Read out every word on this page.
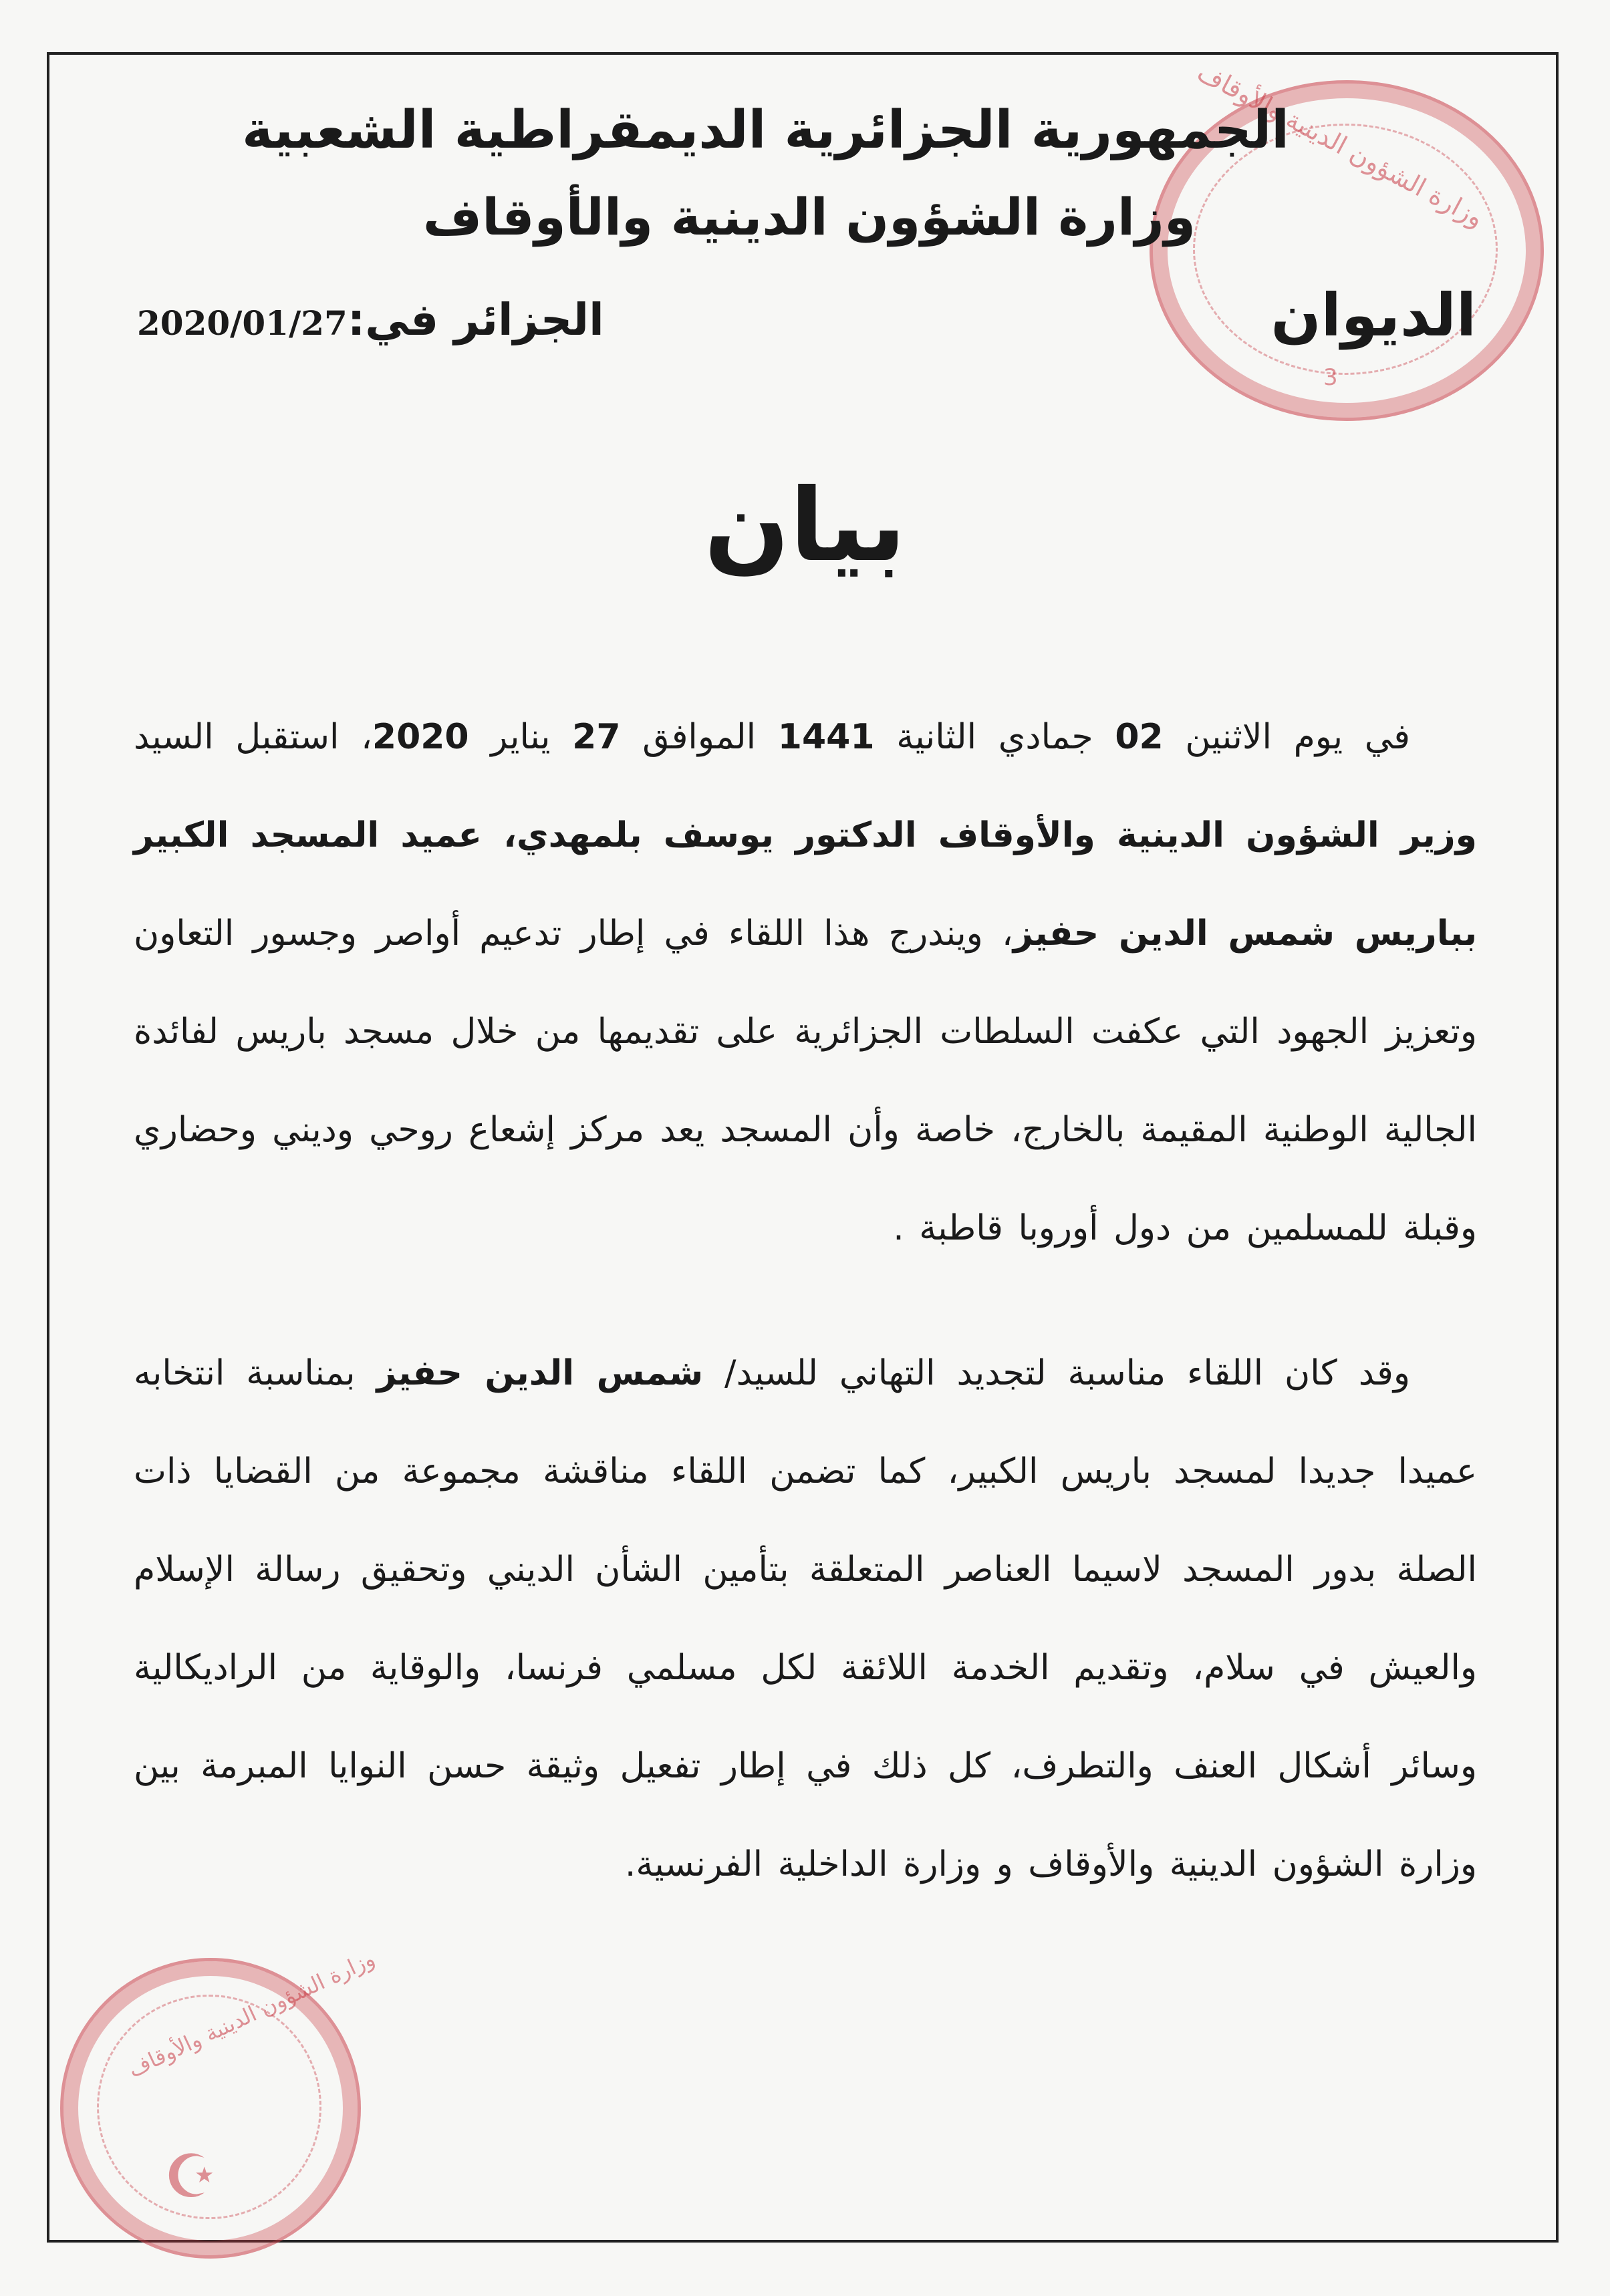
وزارة الشؤون الدينية والأوقاف
3
وزارة الشؤون الدينية والأوقاف
☪
الجمهورية الجزائرية الديمقراطية الشعبية
وزارة الشؤون الدينية والأوقاف
الديوان
الجزائر في:2020/01/27
بيان

في يوم الاثنين 02 جمادي الثانية 1441 الموافق 27 يناير 2020، استقبل السيد وزير الشؤون الدينية والأوقاف الدكتور يوسف بلمهدي، عميد المسجد الكبير بباريس شمس الدين حفيز، ويندرج هذا اللقاء في إطار تدعيم أواصر وجسور التعاون وتعزيز الجهود التي عكفت السلطات الجزائرية على تقديمها من خلال مسجد باريس لفائدة الجالية الوطنية المقيمة بالخارج، خاصة وأن المسجد يعد مركز إشعاع روحي وديني وحضاري وقبلة للمسلمين من دول أوروبا قاطبة .

وقد كان اللقاء مناسبة لتجديد التهاني للسيد/ شمس الدين حفيز بمناسبة انتخابه عميدا جديدا لمسجد باريس الكبير، كما تضمن اللقاء مناقشة مجموعة من القضايا ذات الصلة بدور المسجد لاسيما العناصر المتعلقة بتأمين الشأن الديني وتحقيق رسالة الإسلام والعيش في سلام، وتقديم الخدمة اللائقة لكل مسلمي فرنسا، والوقاية من الراديكالية وسائر أشكال العنف والتطرف، كل ذلك في إطار تفعيل وثيقة حسن النوايا المبرمة بين وزارة الشؤون الدينية والأوقاف و وزارة الداخلية الفرنسية.
